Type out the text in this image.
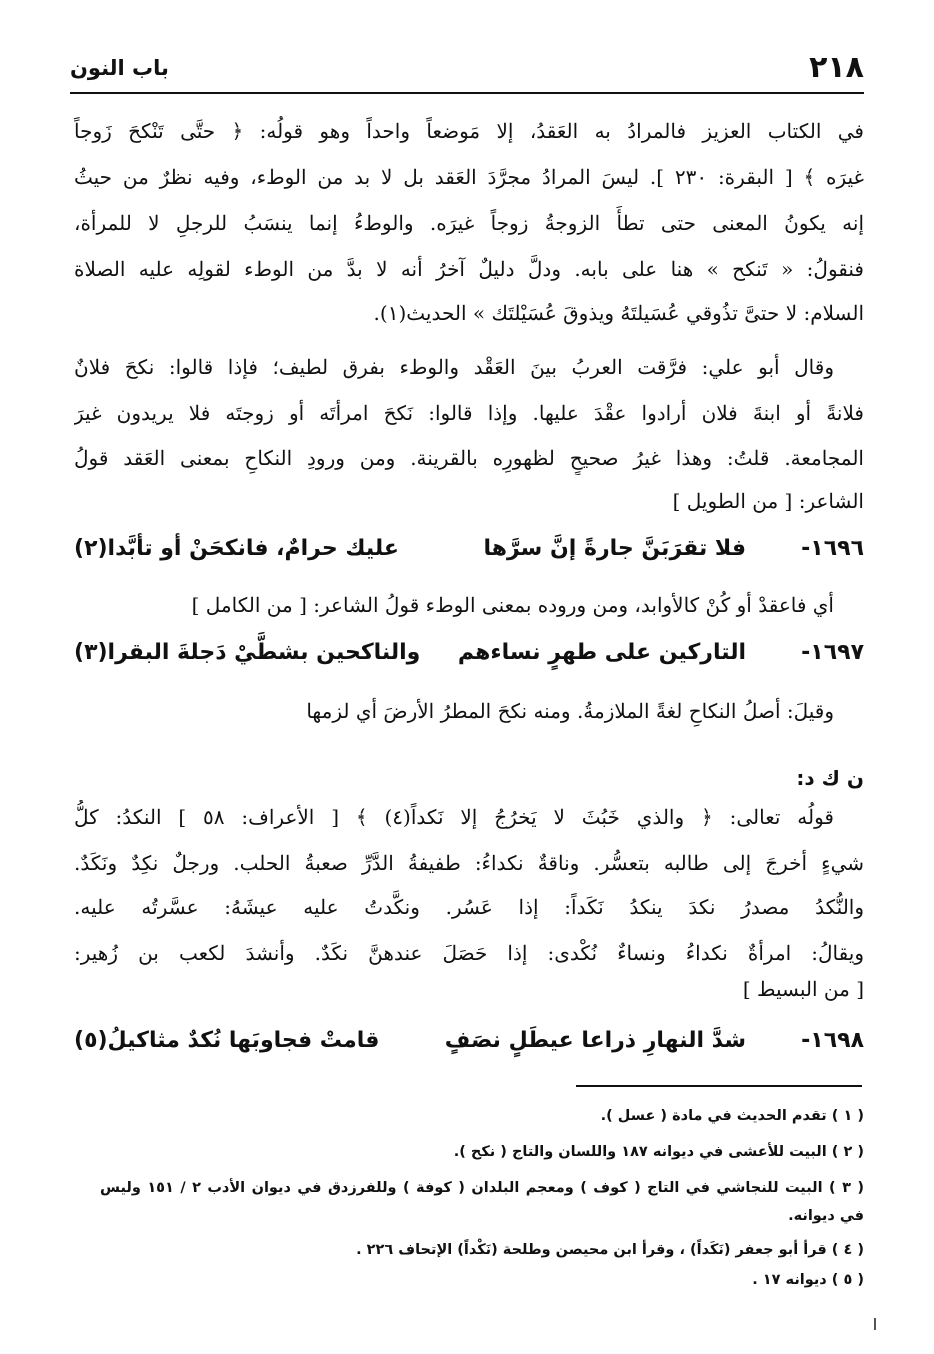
٢١٨
باب النون
في الكتاب العزيز فالمرادُ به العَقدُ، إلا مَوضعاً واحداً وهو قولُه: ﴿ حتَّى تَنْكحَ زَوجاً
غيرَه ﴾ [ البقرة: ٢٣٠ ]. ليسَ المرادُ مجرَّدَ العَقد بل لا بد من الوطء، وفيه نظرٌ من حيثُ
إنه يكونُ المعنى حتى تطأَ الزوجةُ زوجاً غيرَه. والوطءُ إنما ينسَبُ للرجلِ لا للمرأة،
فنقولُ: « تَنكح » هنا على بابه. ودلَّ دليلٌ آخرُ أنه لا بدَّ من الوطء لقولِه عليه الصلاة
السلام: لا حتىَّ تذُوقي عُسَيلتَهُ ويذوقَ عُسَيْلتَك » الحديث(١).
وقال أبو علي: فرَّقت العربُ بينَ العَقْد والوطء بفرق لطيف؛ فإذا قالوا: نكحَ فلانٌ
فلانةً أو ابنةَ فلان أرادوا عقْدَ عليها. وإذا قالوا: نَكحَ امرأتَه أو زوجتَه فلا يريدون غيرَ
المجامعة. قلتُ: وهذا غيرُ صحيحٍ لظهورِه بالقرينة. ومن ورودِ النكاحِ بمعنى العَقد قولُ
الشاعر: [ من الطويل ]
١٦٩٦-
فلا تقرَبَنَّ جارةً إنَّ سرَّها
عليك حرامٌ، فانكحَنْ أو تأبَّدا(٢)
أي فاعقدْ أو كُنْ كالأوابد، ومن وروده بمعنى الوطء قولُ الشاعر: [ من الكامل ]
١٦٩٧-
التاركين على طهرٍ نساءهم
والناكحين بشطَّيْ دَجلةَ البقرا(٣)
وقيلَ: أصلُ النكاحِ لغةً الملازمةُ. ومنه نكحَ المطرُ الأرضَ أي لزمها
ن ك د:
قولُه تعالى: ﴿ والذي خَبُثَ لا يَخرُجُ إلا نَكداً(٤) ﴾ [ الأعراف: ٥٨ ] النكدُ: كلُّ
شيءٍ أخرجَ إلى طالبه بتعسُّر. وناقةٌ نكداءُ: طفيفةُ الدَّرِّ صعبةُ الحلب. ورجلٌ نكِدٌ ونَكَدٌ.
والنُّكدُ مصدرُ نكدَ ينكدُ نَكَداً: إذا عَسُر. ونكَّدتُ عليه عيشَهُ: عسَّرتُه عليه.
ويقالُ: امرأةٌ نكداءُ ونساءٌ نُكْدى: إذا حَصَلَ عندهنَّ نكَدٌ. وأنشدَ لكعب بن زُهير:
[ من البسيط ]
١٦٩٨-
شدَّ النهارِ ذراعا عيطَلٍ نصَفٍ
قامتْ فجاوبَها نُكدٌ مثاكيلُ(٥)
( ١ ) تقدم الحديث في مادة ( عسل ).
( ٢ ) البيت للأعشى في ديوانه ١٨٧ واللسان والتاج ( نكح ).
( ٣ ) البيت للنجاشي في التاج ( كوف ) ومعجم البلدان ( كوفة ) وللفرزدق في ديوان الأدب ٢ / ١٥١ وليس
في ديوانه.
( ٤ ) قرأ أبو جعفر (نَكَداً) ، وقرأ ابن محيصن وطلحة (نَكْداً) الإتحاف ٢٢٦ .
( ٥ ) ديوانه ١٧ .
